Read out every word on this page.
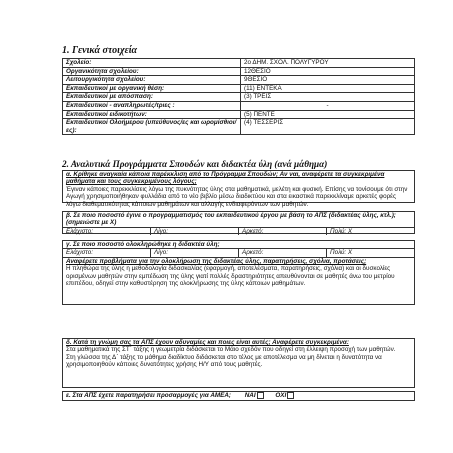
1. Γενικά στοιχεία
Σχολείο:	2ο ΔΗΜ. ΣΧΟΛ. ΠΟΛΥΓΥΡΟΥ
Οργανικότητα σχολείου:	12ΘΕΣΙΟ
Λειτουργικότητα σχολείου:	9ΘΕΣΙΟ
Εκπαιδευτικοί με οργανική θέση:	(11) ΕΝΤΕΚΑ
Εκπαιδευτικοί με απόσπαση:	(3) ΤΡΕΙΣ
Εκπαιδευτικοί - αναπληρωτές/τριες :	-
Εκπαιδευτικοί ειδικοτήτων:	(5) ΠΕΝΤΕ
Εκπαιδευτικοί Ολοήμερου (υπεύθυνος/ες και ωρομίσθιοι/ες):	(4) ΤΕΣΣΕΡΙΣ
2. Αναλυτικά Προγράμματα Σπουδών και διδακτέα ύλη (ανά μάθημα)
α. Κρίθηκε αναγκαία κάποια παρέκκλιση από το Πρόγραμμα Σπουδών; Αν ναι, αναφέρετε τα συγκεκριμένα μαθήματα και τους συγκεκριμένους λόγους;
Έγιναν κάποιες παρεκκλίσεις λόγω της πυκνότητας ύλης στα μαθηματικά, μελέτη και φυσική. Επίσης να τονίσουμε ότι στην Αγωγή χρησιμοποιήθηκαν φυλλάδια από το νέο βιβλίο μέσω διαδικτύου και στα εικαστικά παρεκκλίναμε αρκετές φορές λόγω διαθεματικότητας κάποιων μαθημάτων και αλλαγής ενδιαφερόντων των μαθητών.
β. Σε ποιο ποσοστό έγινε ο προγραμματισμός του εκπαιδευτικού έργου με βάση το ΑΠΣ (διδακτέας ύλης, κτλ.); (σημειώστε με Χ)
Ελάχιστο:	Λίγο:	Αρκετό:	Πολύ: Χ
γ. Σε ποιο ποσοστό ολοκληρώθηκε η διδακτέα ύλη;
Ελάχιστο:	Λίγο:	Αρκετό:	Πολύ: Χ
Αναφέρετε προβλήματα για την ολοκλήρωση της διδακτέας ύλης, παρατηρήσεις, σχόλια, προτάσεις;
Η πληθώρα της ύλης η μεθοδολογία διδασκαλίας (εφαρμογή, αποτελέσματα, παρατηρήσεις, σχόλια) και οι δυσκολίες ορισμένων μαθητών στην εμπέδωση της ύλης γιατί πολλές δραστηριότητες απευθύνονται σε μαθητές άνω του μετρίου επιπέδου, οδηγεί στην καθυστέρηση της ολοκλήρωσης της ύλης κάποιων μαθημάτων.
δ. Κατά τη γνώμη σας τα ΑΠΣ έχουν αδυναμίες και ποιες είναι αυτές; Αναφέρετε συγκεκριμένα:
Στα μαθηματικά της ΣΤ΄ τάξης η γεωμετρία διδάσκεται το Μάιο σχεδόν που οδηγεί στη έλλειψη προσοχή των μαθητών.
Στη γλώσσα της Δ΄ τάξης το μάθημα διαδίκτυο διδάσκεται στο τέλος με αποτέλεσμα να μη δίνεται η δυνατότητα να χρησιμοποιηθούν κάποιες δυνατότητες χρήσης Η/Υ από τους μαθητές.
ε. Στα ΑΠΣ έχετε παρατηρήσει προσαρμογές για ΑΜΕΑ; ΝΑΙ	ΟΧΙ
